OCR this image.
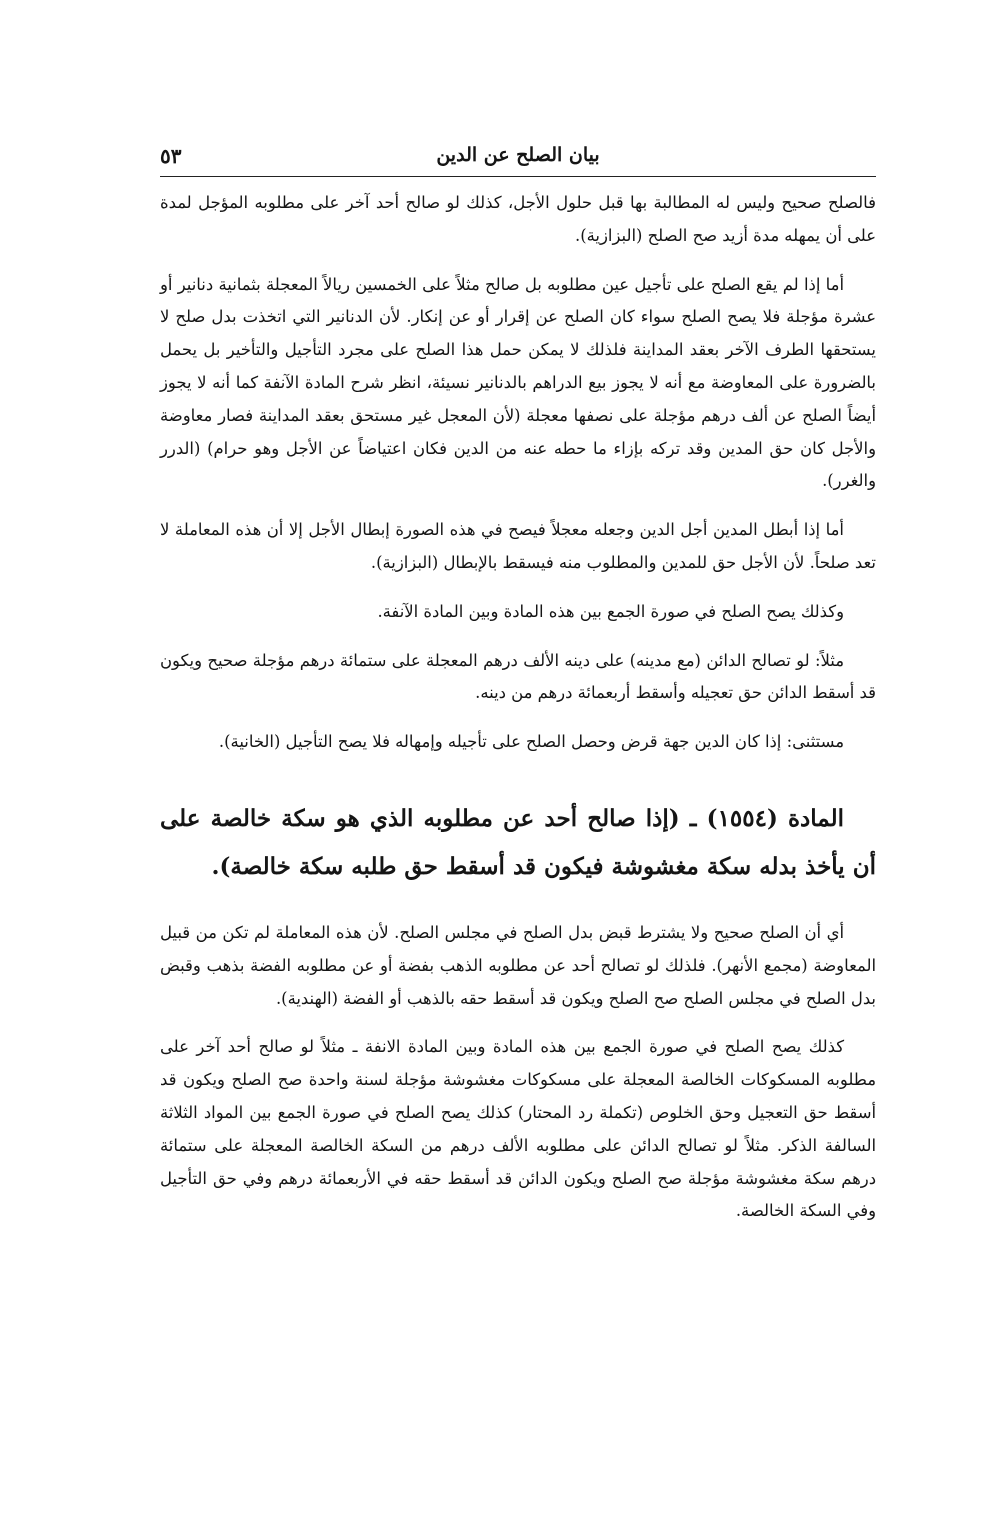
بيان الصلح عن الدين
٥٣

فالصلح صحيح وليس له المطالبة بها قبل حلول الأجل، كذلك لو صالح أحد آخر على مطلوبه المؤجل لمدة على أن يمهله مدة أزيد صح الصلح (البزازية).

أما إذا لم يقع الصلح على تأجيل عين مطلوبه بل صالح مثلاً على الخمسين ريالاً المعجلة بثمانية دنانير أو عشرة مؤجلة فلا يصح الصلح سواء كان الصلح عن إقرار أو عن إنكار. لأن الدنانير التي اتخذت بدل صلح لا يستحقها الطرف الآخر بعقد المداينة فلذلك لا يمكن حمل هذا الصلح على مجرد التأجيل والتأخير بل يحمل بالضرورة على المعاوضة مع أنه لا يجوز بيع الدراهم بالدنانير نسيئة، انظر شرح المادة الآنفة كما أنه لا يجوز أيضاً الصلح عن ألف درهم مؤجلة على نصفها معجلة (لأن المعجل غير مستحق بعقد المداينة فصار معاوضة والأجل كان حق المدين وقد تركه بإزاء ما حطه عنه من الدين فكان اعتياضاً عن الأجل وهو حرام) (الدرر والغرر).

أما إذا أبطل المدين أجل الدين وجعله معجلاً فيصح في هذه الصورة إبطال الأجل إلا أن هذه المعاملة لا تعد صلحاً. لأن الأجل حق للمدين والمطلوب منه فيسقط بالإبطال (البزازية).

وكذلك يصح الصلح في صورة الجمع بين هذه المادة وبين المادة الآنفة.

مثلاً: لو تصالح الدائن (مع مدينه) على دينه الألف درهم المعجلة على ستمائة درهم مؤجلة صحيح ويكون قد أسقط الدائن حق تعجيله وأسقط أربعمائة درهم من دينه.

مستثنى: إذا كان الدين جهة قرض وحصل الصلح على تأجيله وإمهاله فلا يصح التأجيل (الخانية).

المادة (١٥٥٤) ـ (إذا صالح أحد عن مطلوبه الذي هو سكة خالصة على أن يأخذ بدله سكة مغشوشة فيكون قد أسقط حق طلبه سكة خالصة).

أي أن الصلح صحيح ولا يشترط قبض بدل الصلح في مجلس الصلح. لأن هذه المعاملة لم تكن من قبيل المعاوضة (مجمع الأنهر). فلذلك لو تصالح أحد عن مطلوبه الذهب بفضة أو عن مطلوبه الفضة بذهب وقبض بدل الصلح في مجلس الصلح صح الصلح ويكون قد أسقط حقه بالذهب أو الفضة (الهندية).

كذلك يصح الصلح في صورة الجمع بين هذه المادة وبين المادة الانفة ـ مثلاً لو صالح أحد آخر على مطلوبه المسكوكات الخالصة المعجلة على مسكوكات مغشوشة مؤجلة لسنة واحدة صح الصلح ويكون قد أسقط حق التعجيل وحق الخلوص (تكملة رد المحتار) كذلك يصح الصلح في صورة الجمع بين المواد الثلاثة السالفة الذكر. مثلاً لو تصالح الدائن على مطلوبه الألف درهم من السكة الخالصة المعجلة على ستمائة درهم سكة مغشوشة مؤجلة صح الصلح ويكون الدائن قد أسقط حقه في الأربعمائة درهم وفي حق التأجيل وفي السكة الخالصة.
